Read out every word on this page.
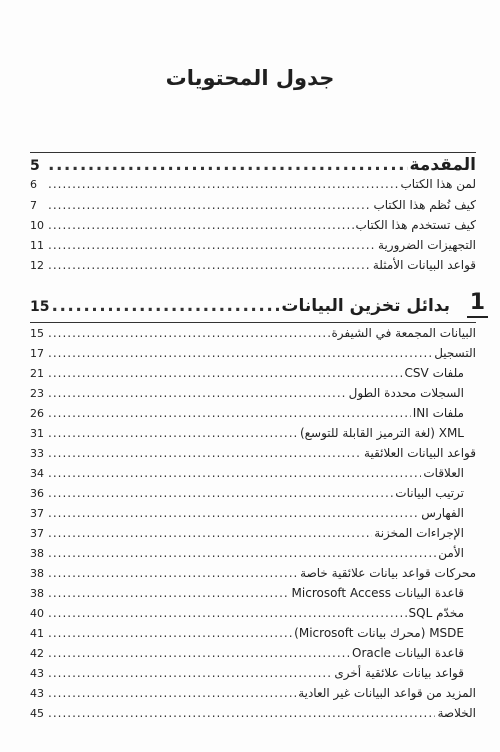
جدول المحتويات
المقدمة
.....
5
لمن هذا الكتاب
.....
6
كيف نُظم هذا الكتاب
.....
7
كيف تستخدم هذا الكتاب
.....
10
التجهيزات الضرورية
.....
11
قواعد البيانات الأمثلة
.....
12
1
بدائل تخزين البيانات
.....
15
البيانات المجمعة في الشيفرة
.....
15
التسجيل
.....
17
ملفات CSV
.....
21
السجلات محددة الطول
.....
23
ملفات INI
.....
26
XML (لغة الترميز القابلة للتوسع)
.....
31
قواعد البيانات العلائقية
.....
33
العلاقات
.....
34
ترتيب البيانات
.....
36
الفهارس
.....
37
الإجراءات المخزنة
.....
37
الأمن
.....
38
محركات قواعد بيانات علائقية خاصة
.....
38
قاعدة البيانات Microsoft Access
.....
38
مخدّم SQL
.....
40
MSDE (محرك بيانات Microsoft)
.....
41
قاعدة البيانات Oracle
.....
42
قواعد بيانات علائقية أخرى
.....
43
المزيد من قواعد البيانات غير العادية
.....
43
الخلاصة
.....
45
